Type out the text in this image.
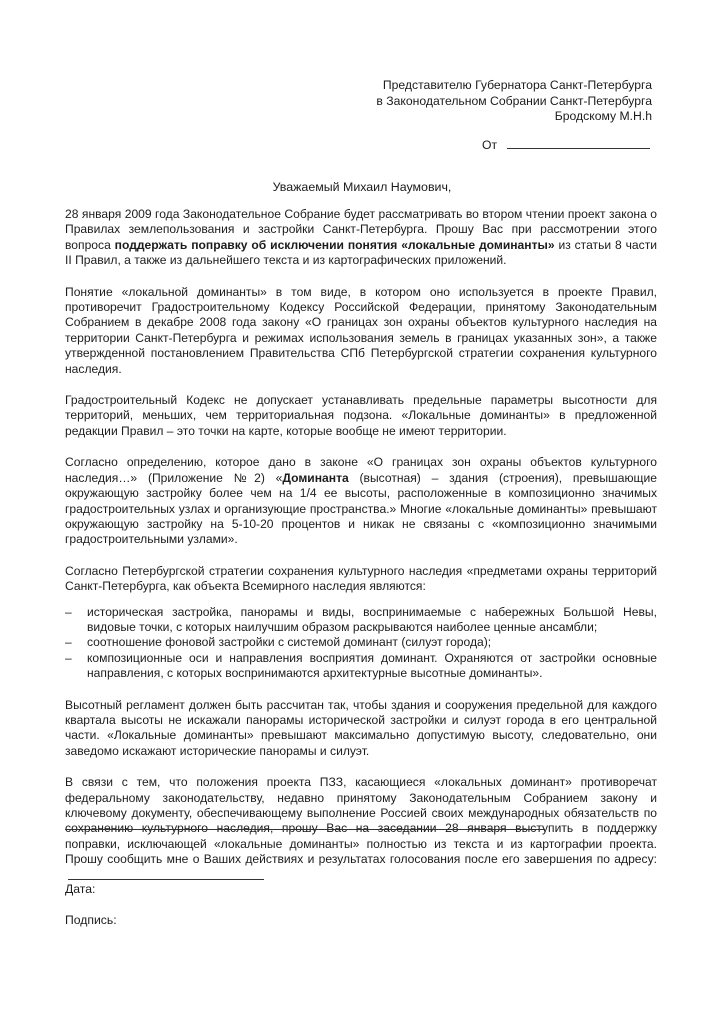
Представителю Губернатора Санкт-Петербурга
в Законодательном Собрании Санкт-Петербурга
Бродскому М.Н.h
От
Уважаемый Михаил Наумович,

28 января 2009 года Законодательное Собрание будет рассматривать во втором чтении проект закона о Правилах землепользования и застройки Санкт-Петербурга. Прошу Вас при рассмотрении этого вопроса поддержать поправку об исключении понятия «локальные доминанты» из статьи 8 части II Правил, а также из дальнейшего текста и из картографических приложений.

Понятие «локальной доминанты» в том виде, в котором оно используется в проекте Правил, противоречит Градостроительному Кодексу Российской Федерации, принятому Законодательным Собранием в декабре 2008 года закону «О границах зон охраны объектов культурного наследия на территории Санкт-Петербурга и режимах использования земель в границах указанных зон», а также утвержденной постановлением Правительства СПб Петербургской стратегии сохранения культурного наследия.

Градостроительный Кодекс не допускает устанавливать предельные параметры высотности для территорий, меньших, чем территориальная подзона. «Локальные доминанты» в предложенной редакции Правил – это точки на карте, которые вообще не имеют территории.

Согласно определению, которое дано в законе «О границах зон охраны объектов культурного наследия…» (Приложение №2) «Доминанта (высотная) – здания (строения), превышающие окружающую застройку более чем на 1/4 ее высоты, расположенные в композиционно значимых градостроительных узлах и организующие пространства.» Многие «локальные доминанты» превышают окружающую застройку на 5-10-20 процентов и никак не связаны с «композиционно значимыми градостроительными узлами».

Согласно Петербургской стратегии сохранения культурного наследия «предметами охраны территорий Санкт-Петербурга, как объекта Всемирного наследия являются:

– историческая застройка, панорамы и виды, воспринимаемые с набережных Большой Невы, видовые точки, с которых наилучшим образом раскрываются наиболее ценные ансамбли;
– соотношение фоновой застройки с системой доминант (силуэт города);
– композиционные оси и направления восприятия доминант. Охраняются от застройки основные направления, с которых воспринимаются архитектурные высотные доминанты».

Высотный регламент должен быть рассчитан так, чтобы здания и сооружения предельной для каждого квартала высоты не искажали панорамы исторической застройки и силуэт города в его центральной части. «Локальные доминанты» превышают максимально допустимую высоту, следовательно, они заведомо искажают исторические панорамы и силуэт.

В связи с тем, что положения проекта ПЗЗ, касающиеся «локальных доминант» противоречат федеральному законодательству, недавно принятому Законодательным Собранием закону и ключевому документу, обеспечивающему выполнение Россией своих международных обязательств по сохранению культурного наследия, прошу Вас на заседании 28 января выступить в поддержку поправки, исключающей «локальные доминанты» полностью из текста и из картографии проекта. Прошу сообщить мне о Ваших действиях и результатах голосования после его завершения по адресу:

Дата:
Подпись:
